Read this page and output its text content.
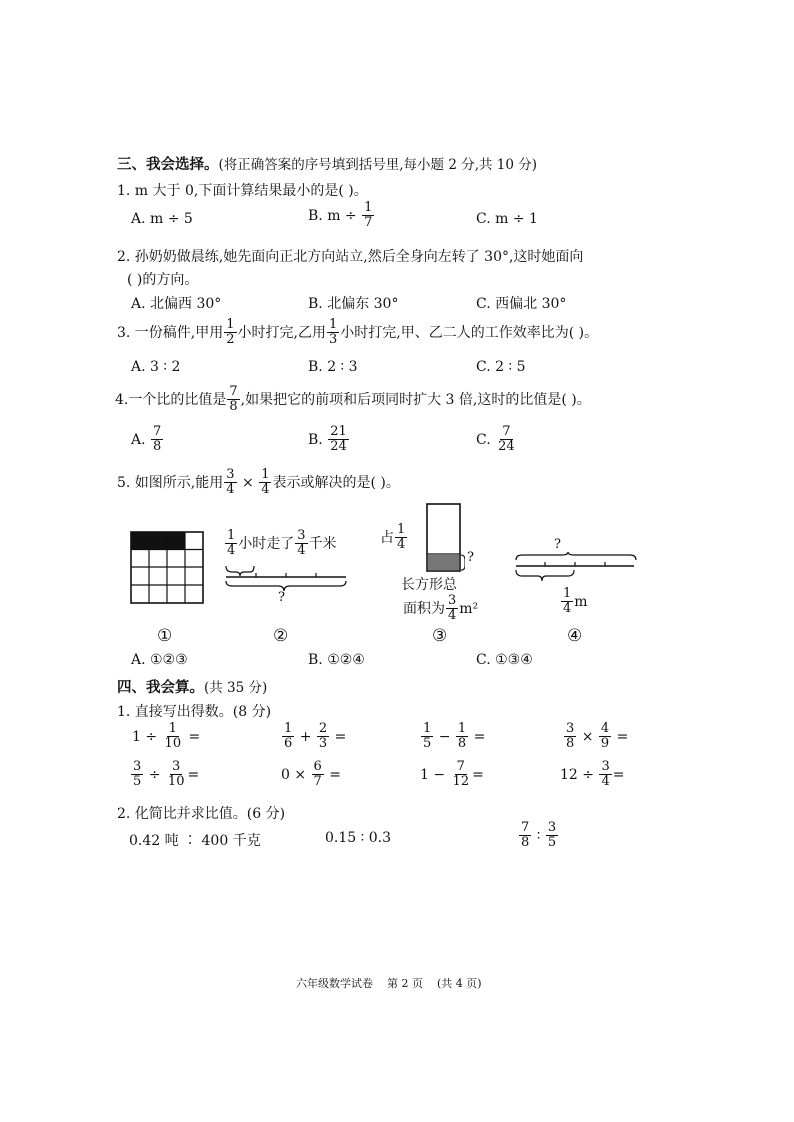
三、我会选择。(将正确答案的序号填到括号里,每小题 2 分,共 10 分)
1. m 大于 0,下面计算结果最小的是( )。
A. m ÷ 5	B. $m \div \frac{1}{7}$	C. m ÷ 1
2. 孙奶奶做晨练,她先面向正北方向站立,然后全身向左转了 30°,这时她面向
( )的方向。
A. 北偏西 30°	B. 北偏东 30°	C. 西偏北 30°
3. 一份稿件,甲用 $\frac{1}{2}$ 小时打完,乙用 $\frac{1}{3}$ 小时打完,甲、乙二人的工作效率比为( )。
A. 3 ∶ 2	B. 2 ∶ 3	C. 2 ∶ 5
4.一个比的比值是 $\frac{7}{8}$ ,如果把它的前项和后项同时扩大 3 倍,这时的比值是( )。
A. $\frac{7}{8}$	B. $\frac{21}{24}$	C. $\frac{7}{24}$
5. 如图所示,能用 $\frac{3}{4} \times \frac{1}{4}$ 表示或解决的是( )。
$\frac{1}{4}$ 小时走了 $\frac{3}{4}$ 千米
?
占 $\frac{1}{4}$
?
长方形总
面积为 $\frac{3}{4} m^2$
?
$\frac{1}{4}$ m
①	②	③	④
A. ①②③	B. ①②④	C. ①③④
四、我会算。(共 35 分)
1. 直接写出得数。(8 分)
$1 \div \frac{1}{10}$ =	$\frac{1}{6} + \frac{2}{3}$ =	$\frac{1}{5} - \frac{1}{8}$ =	$\frac{3}{8} \times \frac{4}{9}$ =
$\frac{3}{5} \div \frac{3}{10}$ =	$0 \times \frac{6}{7}$ =	$1 - \frac{7}{12}$ =	$12 \div \frac{3}{4}$ =
2. 化简比并求比值。(6 分)
0.42 吨 ∶ 400 千克	0.15 ∶ 0.3	$\frac{7}{8}$ ∶ $\frac{3}{5}$
六年级数学试卷 第 2 页 (共 4 页)
